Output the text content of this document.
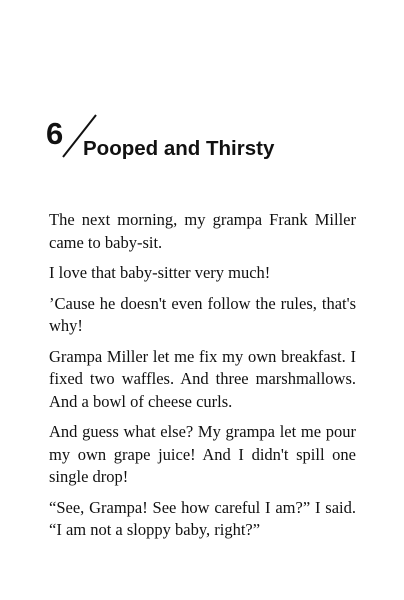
6 Pooped and Thirsty

The next morning, my grampa Frank Miller came to baby-sit.

I love that baby-sitter very much!

’Cause he doesn't even follow the rules, that's why!

Grampa Miller let me fix my own breakfast. I fixed two waffles. And three marshmallows. And a bowl of cheese curls.

And guess what else? My grampa let me pour my own grape juice! And I didn't spill one single drop!

“See, Grampa! See how careful I am?” I said. “I am not a sloppy baby, right?”
